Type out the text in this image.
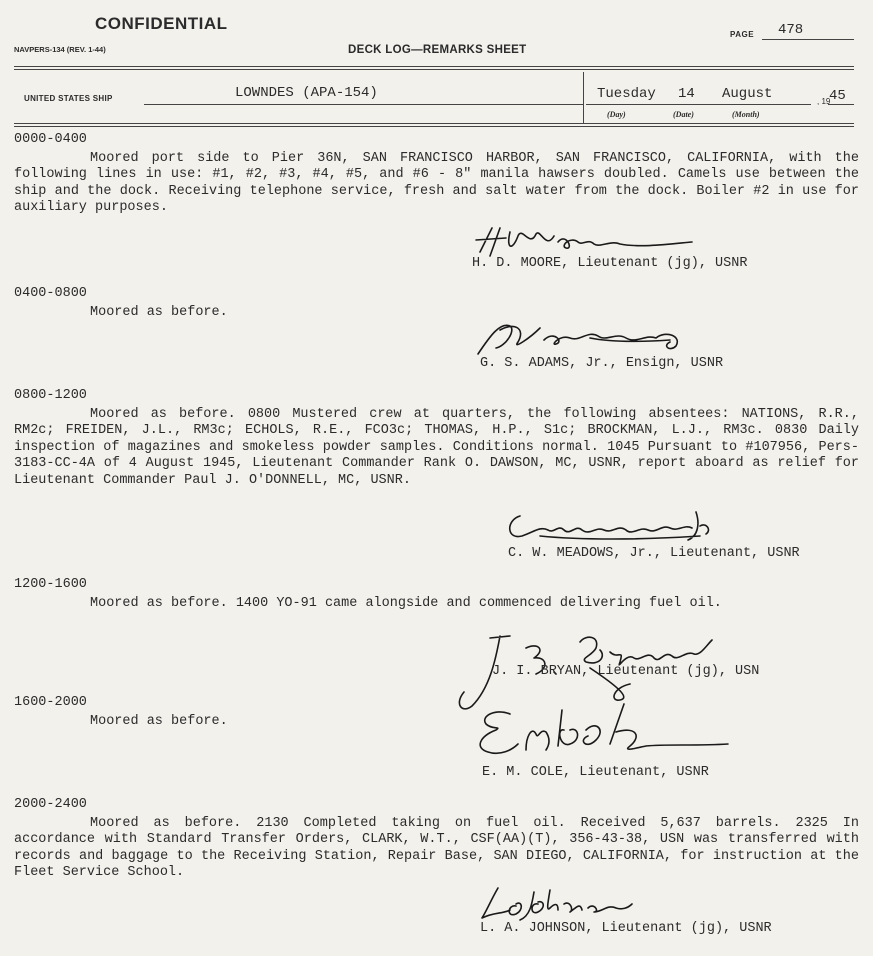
CONFIDENTIAL
NAVPERS-134 (REV. 1-44)	DECK LOG—REMARKS SHEET
PAGE 478
UNITED STATES SHIP	LOWNDES (APA-154)	Tuesday 14 August	, 19
45
(Day)	(Date)	(Month)
0000-0400

Moored port side to Pier 36N, SAN FRANCISCO HARBOR, SAN FRANCISCO, CALIFORNIA, with the following lines in use: #1, #2, #3, #4, #5, and #6 - 8" manila hawsers doubled. Camels use between the ship and the dock. Receiving telephone service, fresh and salt water from the dock. Boiler #2 in use for auxiliary purposes.

H. D. MOORE, Lieutenant (jg), USNR
0400-0800

Moored as before.

G. S. ADAMS, Jr., Ensign, USNR
0800-1200

Moored as before. 0800 Mustered crew at quarters, the following absentees: NATIONS, R.R., RM2c; FREIDEN, J.L., RM3c; ECHOLS, R.E., FCO3c; THOMAS, H.P., S1c; BROCKMAN, L.J., RM3c. 0830 Daily inspection of magazines and smokeless powder samples. Conditions normal. 1045 Pursuant to #107956, Pers-3183-CC-4A of 4 August 1945, Lieutenant Commander Rank O. DAWSON, MC, USNR, report aboard as relief for Lieutenant Commander Paul J. O'DONNELL, MC, USNR.

C. W. MEADOWS, Jr., Lieutenant, USNR
1200-1600

Moored as before. 1400 YO-91 came alongside and commenced delivering fuel oil.

J. I. BRYAN, Lieutenant (jg), USN
1600-2000

Moored as before.

E. M. COLE, Lieutenant, USNR
2000-2400

Moored as before. 2130 Completed taking on fuel oil. Received 5,637 barrels. 2325 In accordance with Standard Transfer Orders, CLARK, W.T., CSF(AA)(T), 356-43-38, USN was transferred with records and baggage to the Receiving Station, Repair Base, SAN DIEGO, CALIFORNIA, for instruction at the Fleet Service School.

L. A. JOHNSON, Lieutenant (jg), USNR
